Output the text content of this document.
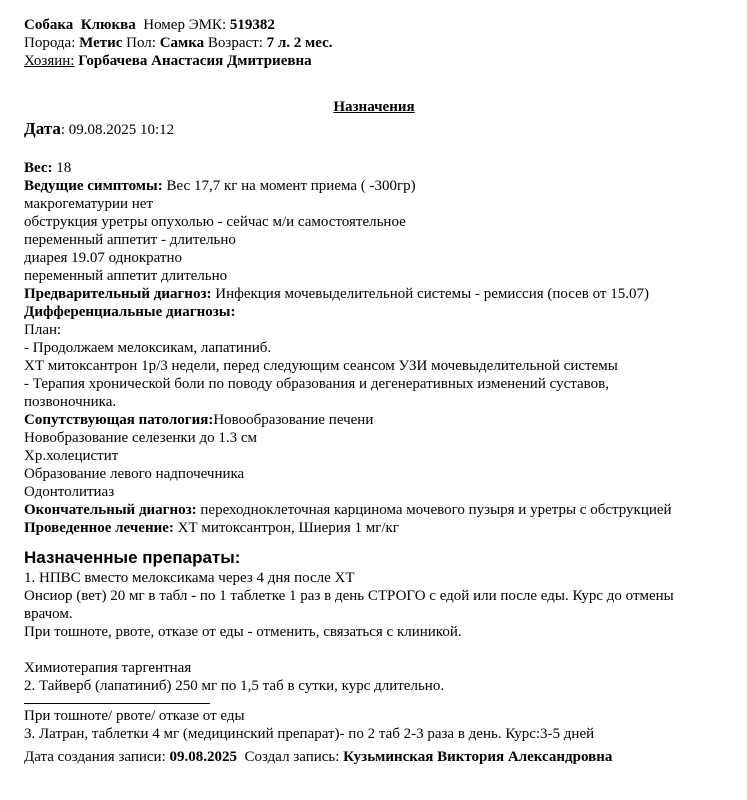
Собака Клюква Номер ЭМК: 519382
Порода: Метис Пол: Самка Возраст: 7 л. 2 мес.
Хозяин: Горбачева Анастасия Дмитриевна
Назначения
Дата: 09.08.2025 10:12
Вес: 18
Ведущие симптомы: Вес 17,7 кг на момент приема ( -300гр)
макрогематурии нет
обструкция уретры опухолью - сейчас м/и самостоятельное
переменный аппетит - длительно
диарея 19.07 однократно
переменный аппетит длительно
Предварительный диагноз: Инфекция мочевыделительной системы - ремиссия (посев от 15.07)
Дифференциальные диагнозы:
План:
- Продолжаем мелоксикам, лапатиниб.
ХТ митоксантрон 1р/3 недели, перед следующим сеансом УЗИ мочевыделительной системы
- Терапия хронической боли по поводу образования и дегенеративных изменений суставов,
позвоночника.
Сопутствующая патология:Новообразование печени
Новобразование селезенки до 1.3 см
Хр.холецистит
Образование левого надпочечника
Одонтолитиаз
Окончательный диагноз: переходноклеточная карцинома мочевого пузыря и уретры с обструкцией
Проведенное лечение: ХТ митоксантрон, Шиерия 1 мг/кг
Назначенные препараты:
1. НПВС вместо мелоксикама через 4 дня после ХТ
Онсиор (вет) 20 мг в табл - по 1 таблетке 1 раз в день СТРОГО с едой или после еды. Курс до отмены врачом.
При тошноте, рвоте, отказе от еды - отменить, связаться с клиникой.
Химиотерапия таргентная
2. Тайверб (лапатиниб) 250 мг по 1,5 таб в сутки, курс длительно.
При тошноте/ рвоте/ отказе от еды
3. Латран, таблетки 4 мг (медицинский препарат)- по 2 таб 2-3 раза в день. Курс:3-5 дней
Дата создания записи: 09.08.2025 Создал запись: Кузьминская Виктория Александровна
